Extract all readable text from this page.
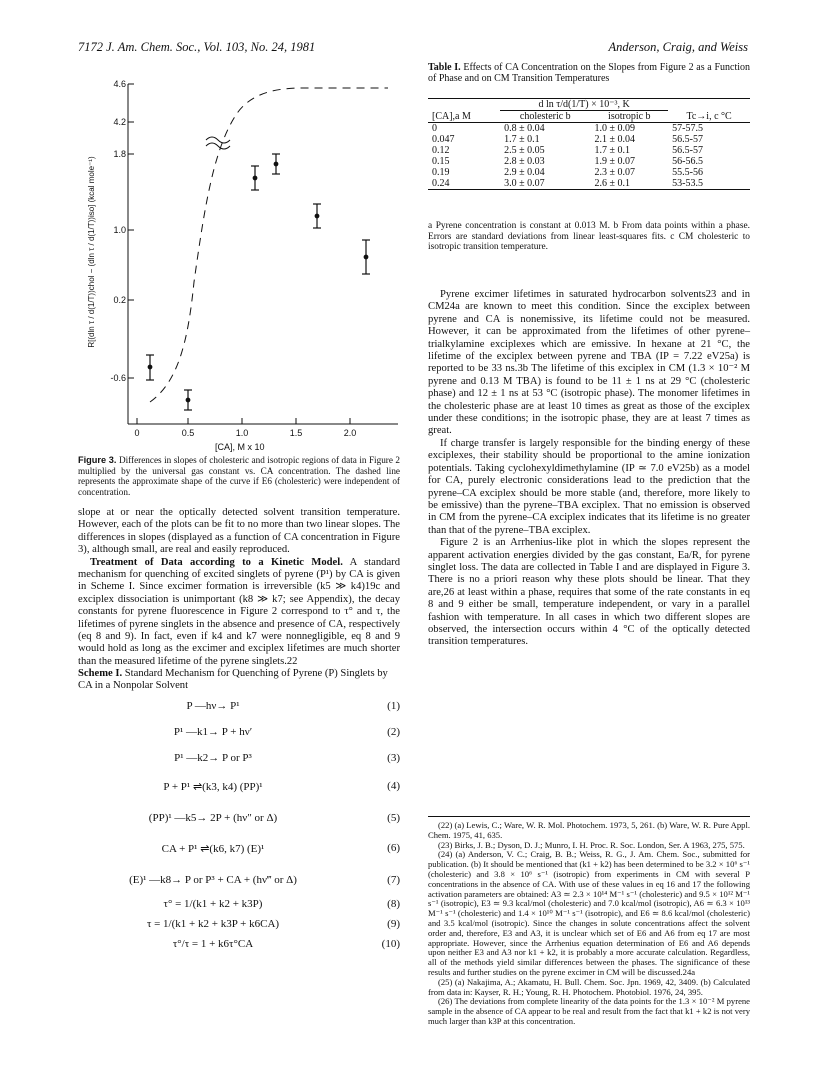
7172 J. Am. Chem. Soc., Vol. 103, No. 24, 1981	Anderson, Craig, and Weiss
4.6
4.2
1.8
1.0
0.2
-0.6
0	0.5	1.0	1.5	2.0
R[(dln τ / d(1/T))chol − (dln τ / d(1/T))iso] (kcal mole⁻¹)
[CA], M x 10
Figure 3. Differences in slopes of cholesteric and isotropic regions of data in Figure 2 multiplied by the universal gas constant vs. CA concentration. The dashed line represents the approximate shape of the curve if E6 (cholesteric) were independent of concentration.

slope at or near the optically detected solvent transition temperature. However, each of the plots can be fit to no more than two linear slopes. The differences in slopes (displayed as a function of CA concentration in Figure 3), although small, are real and easily reproduced.

Treatment of Data according to a Kinetic Model. A standard mechanism for quenching of excited singlets of pyrene (P¹) by CA is given in Scheme I. Since excimer formation is irreversible (k5 ≫ k4)19c and exciplex dissociation is unimportant (k8 ≫ k7; see Appendix), the decay constants for pyrene fluorescence in Figure 2 correspond to τ° and τ, the lifetimes of pyrene singlets in the absence and presence of CA, respectively (eq 8 and 9). In fact, even if k4 and k7 were nonnegligible, eq 8 and 9 would hold as long as the excimer and exciplex lifetimes are much shorter than the measured lifetime of the pyrene singlets.22

Scheme I. Standard Mechanism for Quenching of Pyrene (P) Singlets by CA in a Nonpolar Solvent
P —hν→ P¹	(1)
P¹ —k1→ P + hν′	(2)
P¹ —k2→ P or P³	(3)
P + P¹ ⇌(k3, k4) (PP)¹	(4)
(PP)¹ —k5→ 2P + (hν″ or Δ)	(5)
CA + P¹ ⇌(k6, k7) (E)¹	(6)
(E)¹ —k8→ P or P³ + CA + (hν‴ or Δ)	(7)
τ° = 1/(k1 + k2 + k3P)	(8)
τ = 1/(k1 + k2 + k3P + k6CA)	(9)
τ°/τ = 1 + k6τ°CA	(10)
Table I. Effects of CA Concentration on the Slopes from Figure 2 as a Function of Phase and on CM Transition Temperatures
	d ln τ/d(1/T) × 10⁻³, K		
[CA],a M	cholesteric b	isotropic b	Tc→i, c °C
0	0.8 ± 0.04	1.0 ± 0.09	57-57.5
0.047	1.7 ± 0.1	2.1 ± 0.04	56.5-57
0.12	2.5 ± 0.05	1.7 ± 0.1	56.5-57
0.15	2.8 ± 0.03	1.9 ± 0.07	56-56.5
0.19	2.9 ± 0.04	2.3 ± 0.07	55.5-56
0.24	3.0 ± 0.07	2.6 ± 0.1	53-53.5
a Pyrene concentration is constant at 0.013 M. b From data points within a phase. Errors are standard deviations from linear least-squares fits. c CM cholesteric to isotropic transition temperature.

Pyrene excimer lifetimes in saturated hydrocarbon solvents23 and in CM24a are known to meet this condition. Since the exciplex between pyrene and CA is nonemissive, its lifetime could not be measured. However, it can be approximated from the lifetimes of other pyrene–trialkylamine exciplexes which are emissive. In hexane at 21 °C, the lifetime of the exciplex between pyrene and TBA (IP = 7.22 eV25a) is reported to be 33 ns.3b The lifetime of this exciplex in CM (1.3 × 10⁻² M pyrene and 0.13 M TBA) is found to be 11 ± 1 ns at 29 °C (cholesteric phase) and 12 ± 1 ns at 53 °C (isotropic phase). The monomer lifetimes in the cholesteric phase are at least 10 times as great as those of the exciplex under these conditions; in the isotropic phase, they are at least 7 times as great.

If charge transfer is largely responsible for the binding energy of these exciplexes, their stability should be proportional to the amine ionization potentials. Taking cyclohexyldimethylamine (IP ≃ 7.0 eV25b) as a model for CA, purely electronic considerations lead to the prediction that the pyrene–CA exciplex should be more stable (and, therefore, more likely to be emissive) than the pyrene–TBA exciplex. That no emission is observed in CM from the pyrene–CA exciplex indicates that its lifetime is no greater than that of the pyrene–TBA exciplex.

Figure 2 is an Arrhenius-like plot in which the slopes represent the apparent activation energies divided by the gas constant, Ea/R, for pyrene singlet loss. The data are collected in Table I and are displayed in Figure 3. There is no a priori reason why these plots should be linear. That they are,26 at least within a phase, requires that some of the rate constants in eq 8 and 9 either be small, temperature independent, or vary in a parallel fashion with temperature. In all cases in which two different slopes are observed, the intersection occurs within 4 °C of the optically detected transition temperatures.

(22) (a) Lewis, C.; Ware, W. R. Mol. Photochem. 1973, 5, 261. (b) Ware, W. R. Pure Appl. Chem. 1975, 41, 635.

(23) Birks, J. B.; Dyson, D. J.; Munro, I. H. Proc. R. Soc. London, Ser. A 1963, 275, 575.

(24) (a) Anderson, V. C.; Craig, B. B.; Weiss, R. G., J. Am. Chem. Soc., submitted for publication. (b) It should be mentioned that (k1 + k2) has been determined to be 3.2 × 10⁶ s⁻¹ (cholesteric) and 3.8 × 10⁶ s⁻¹ (isotropic) from experiments in CM with several P concentrations in the absence of CA. With use of these values in eq 16 and 17 the following activation parameters are obtained: A3 ≃ 2.3 × 10¹⁴ M⁻¹ s⁻¹ (cholesteric) and 9.5 × 10¹² M⁻¹ s⁻¹ (isotropic), E3 ≃ 9.3 kcal/mol (cholesteric) and 7.0 kcal/mol (isotropic), A6 ≃ 6.3 × 10¹³ M⁻¹ s⁻¹ (cholesteric) and 1.4 × 10¹⁰ M⁻¹ s⁻¹ (isotropic), and E6 ≃ 8.6 kcal/mol (cholesteric) and 3.5 kcal/mol (isotropic). Since the changes in solute concentrations affect the solvent order and, therefore, E3 and A3, it is unclear which set of E6 and A6 from eq 17 are most appropriate. However, since the Arrhenius equation determination of E6 and A6 depends upon neither E3 and A3 nor k1 + k2, it is probably a more accurate calculation. Regardless, all of the methods yield similar differences between the phases. The significance of these results and further studies on the pyrene excimer in CM will be discussed.24a

(25) (a) Nakajima, A.; Akamatu, H. Bull. Chem. Soc. Jpn. 1969, 42, 3409. (b) Calculated from data in: Kayser, R. H.; Young, R. H. Photochem. Photobiol. 1976, 24, 395.

(26) The deviations from complete linearity of the data points for the 1.3 × 10⁻² M pyrene sample in the absence of CA appear to be real and result from the fact that k1 + k2 is not very much larger than k3P at this concentration.
